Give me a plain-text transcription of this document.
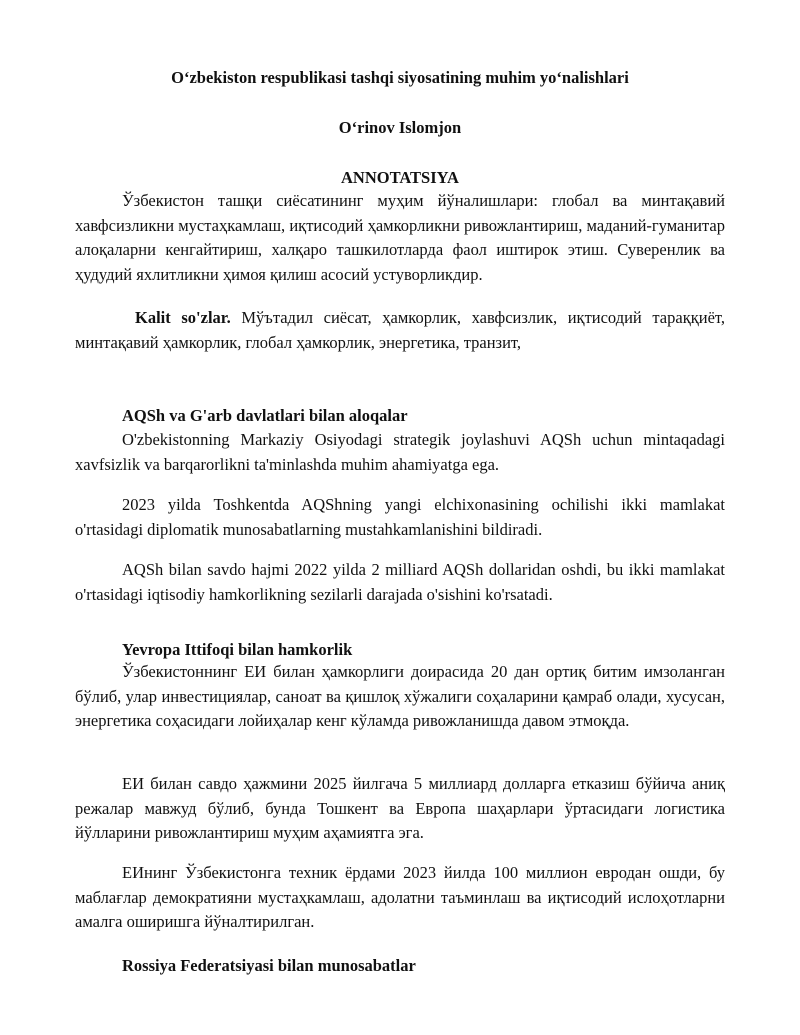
O‘zbekiston respublikasi tashqi siyosatining muhim yo‘nalishlari
O‘rinov Islomjon
ANNOTATSIYA
Ўзбекистон ташқи сиёсатининг муҳим йўналишлари: глобал ва минтақавий хавфсизликни мустаҳкамлаш, иқтисодий ҳамкорликни ривожлантириш, маданий-гуманитар алоқаларни кенгайтириш, халқаро ташкилотларда фаол иштирок этиш. Суверенлик ва ҳудудий яхлитликни ҳимоя қилиш асосий устуворликдир.
Kalit so'zlar. Мўътадил сиёсат, ҳамкорлик, хавфсизлик, иқтисодий тараққиёт, минтақавий ҳамкорлик, глобал ҳамкорлик, энергетика, транзит,
AQSh va G'arb davlatlari bilan aloqalar
O'zbekistonning Markaziy Osiyodagi strategik joylashuvi AQSh uchun mintaqadagi xavfsizlik va barqarorlikni ta'minlashda muhim ahamiyatga ega.
2023 yilda Toshkentda AQShning yangi elchixonasining ochilishi ikki mamlakat o'rtasidagi diplomatik munosabatlarning mustahkamlanishini bildiradi.
AQSh bilan savdo hajmi 2022 yilda 2 milliard AQSh dollaridan oshdi, bu ikki mamlakat o'rtasidagi iqtisodiy hamkorlikning sezilarli darajada o'sishini ko'rsatadi.
Yevropa Ittifoqi bilan hamkorlik
Ўзбекистоннинг ЕИ билан ҳамкорлиги доирасида 20 дан ортиқ битим имзоланган бўлиб, улар инвестициялар, саноат ва қишлоқ хўжалиги соҳаларини қамраб олади, хусусан, энергетика соҳасидаги лойиҳалар кенг кўламда ривожланишда давом этмоқда.
ЕИ билан савдо ҳажмини 2025 йилгача 5 миллиард долларга етказиш бўйича аниқ режалар мавжуд бўлиб, бунда Тошкент ва Европа шаҳарлари ўртасидаги логистика йўлларини ривожлантириш муҳим аҳамиятга эга.
ЕИнинг Ўзбекистонга техник ёрдами 2023 йилда 100 миллион евродан ошди, бу маблағлар демократияни мустаҳкамлаш, адолатни таъминлаш ва иқтисодий ислоҳотларни амалга оширишга йўналтирилган.
Rossiya Federatsiyasi bilan munosabatlar
